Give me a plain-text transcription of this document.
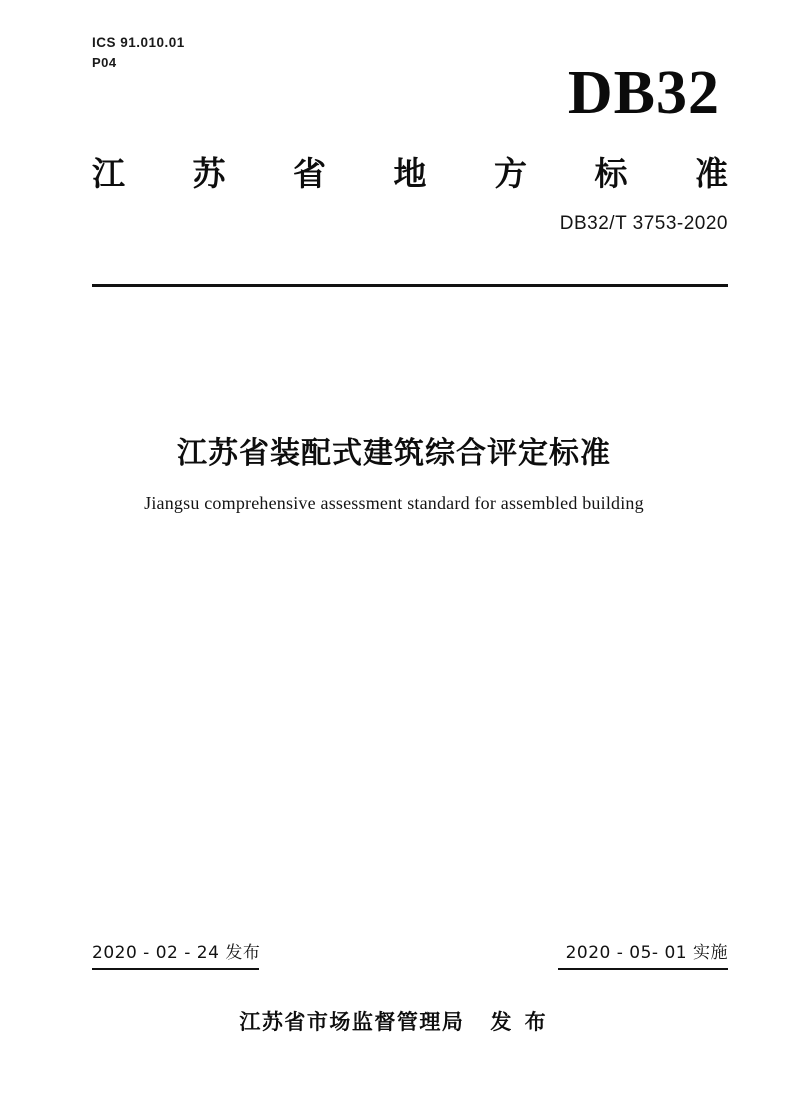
ICS 91.010.01
P04	DB32
江 苏 省 地 方 标 准
DB32/T 3753-2020
江苏省装配式建筑综合评定标准
Jiangsu comprehensive assessment standard for assembled building
2020 - 02 - 24 发布	2020 - 05- 01 实施
江苏省市场监督管理局 发 布
